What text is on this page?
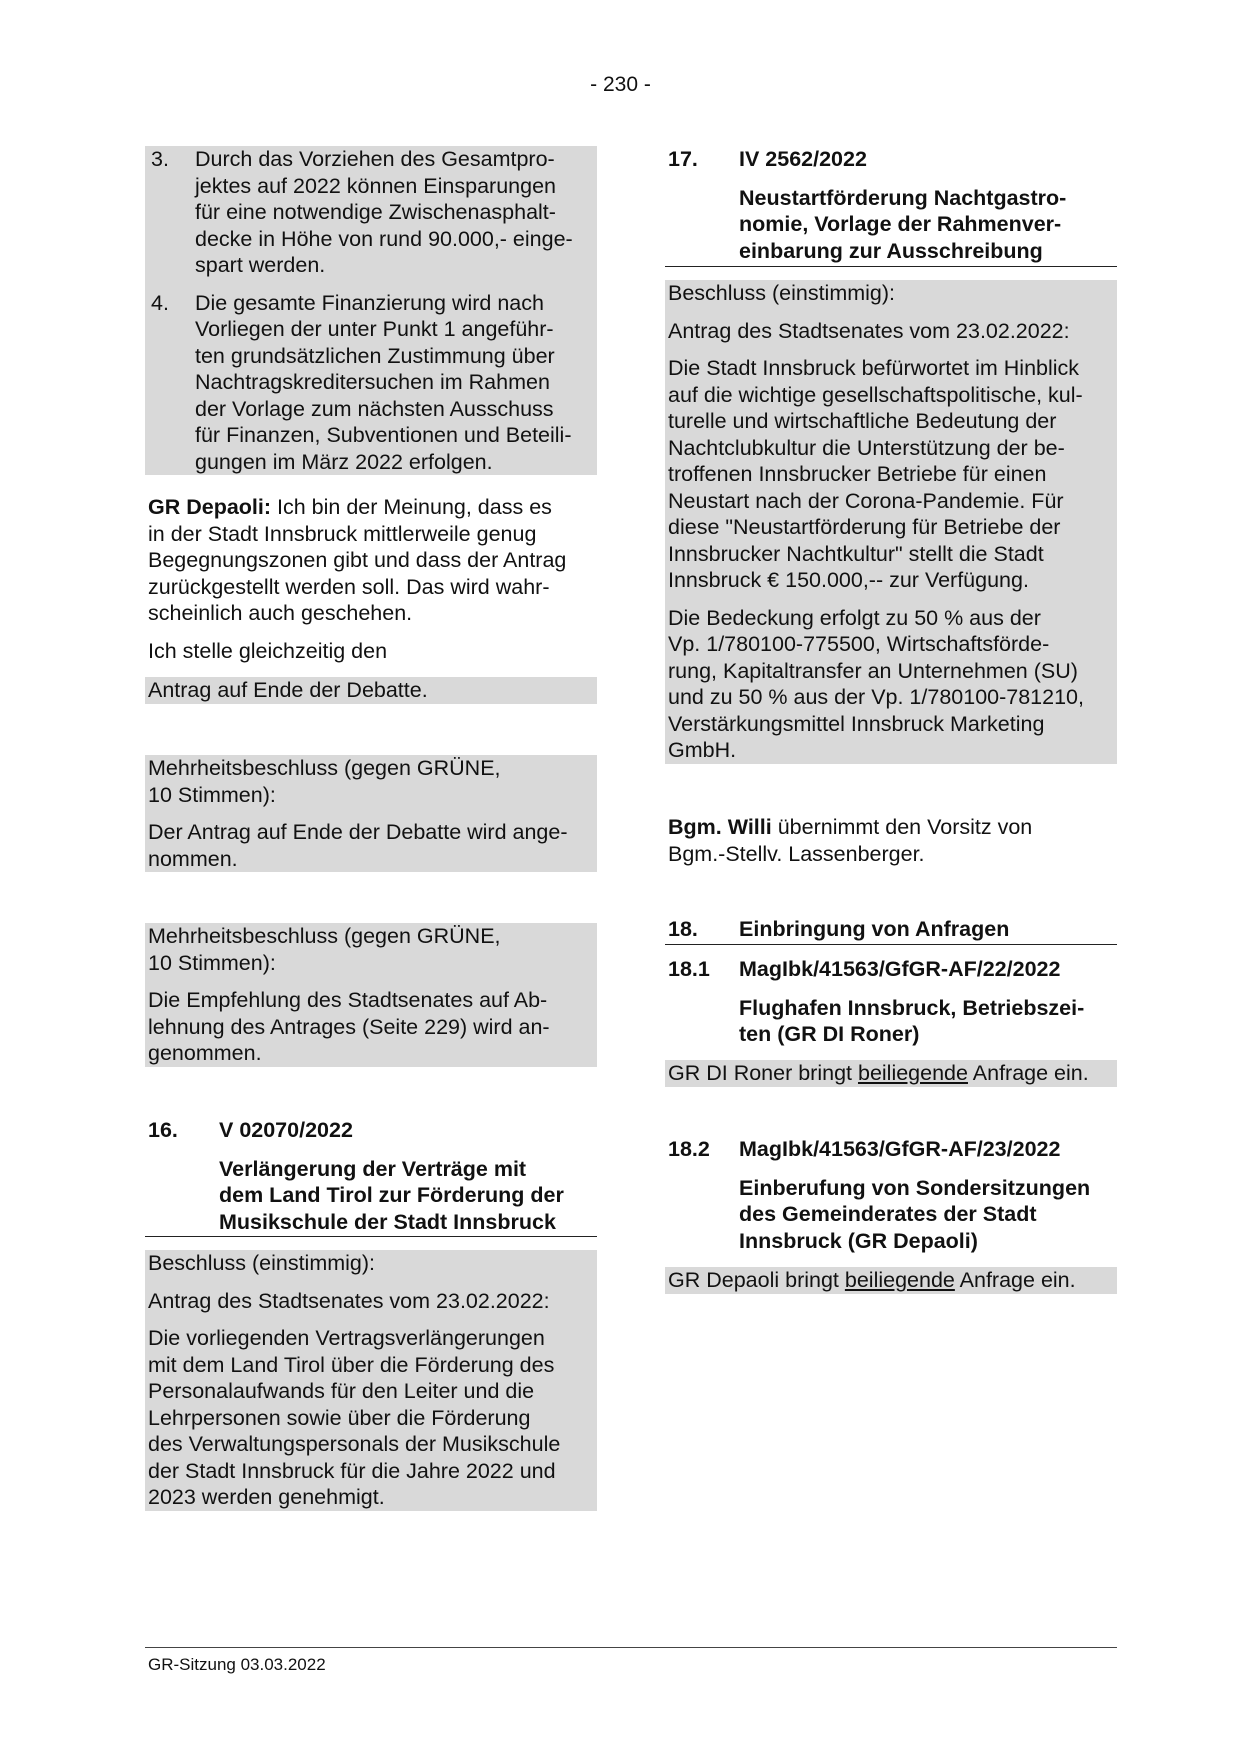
- 230 -
3. Durch das Vorziehen des Gesamtpro-
jektes auf 2022 können Einsparungen
für eine notwendige Zwischenasphalt-
decke in Höhe von rund 90.000,- einge-
spart werden.
4. Die gesamte Finanzierung wird nach
Vorliegen der unter Punkt 1 angeführ-
ten grundsätzlichen Zustimmung über
Nachtragskreditersuchen im Rahmen
der Vorlage zum nächsten Ausschuss
für Finanzen, Subventionen und Beteili-
gungen im März 2022 erfolgen.
GR Depaoli: Ich bin der Meinung, dass es
in der Stadt Innsbruck mittlerweile genug
Begegnungszonen gibt und dass der Antrag
zurückgestellt werden soll. Das wird wahr-
scheinlich auch geschehen.
Ich stelle gleichzeitig den
Antrag auf Ende der Debatte.
Mehrheitsbeschluss (gegen GRÜNE,
10 Stimmen):
Der Antrag auf Ende der Debatte wird ange-
nommen.
Mehrheitsbeschluss (gegen GRÜNE,
10 Stimmen):
Die Empfehlung des Stadtsenates auf Ab-
lehnung des Antrages (Seite 229) wird an-
genommen.
16.	V 02070/2022
Verlängerung der Verträge mit
dem Land Tirol zur Förderung der
Musikschule der Stadt Innsbruck
Beschluss (einstimmig):
Antrag des Stadtsenates vom 23.02.2022:
Die vorliegenden Vertragsverlängerungen
mit dem Land Tirol über die Förderung des
Personalaufwands für den Leiter und die
Lehrpersonen sowie über die Förderung
des Verwaltungspersonals der Musikschule
der Stadt Innsbruck für die Jahre 2022 und
2023 werden genehmigt.
17.	IV 2562/2022
Neustartförderung Nachtgastro-
nomie, Vorlage der Rahmenver-
einbarung zur Ausschreibung
Beschluss (einstimmig):
Antrag des Stadtsenates vom 23.02.2022:
Die Stadt Innsbruck befürwortet im Hinblick
auf die wichtige gesellschaftspolitische, kul-
turelle und wirtschaftliche Bedeutung der
Nachtclubkultur die Unterstützung der be-
troffenen Innsbrucker Betriebe für einen
Neustart nach der Corona-Pandemie. Für
diese "Neustartförderung für Betriebe der
Innsbrucker Nachtkultur" stellt die Stadt
Innsbruck € 150.000,-- zur Verfügung.
Die Bedeckung erfolgt zu 50 % aus der
Vp. 1/780100-775500, Wirtschaftsförde-
rung, Kapitaltransfer an Unternehmen (SU)
und zu 50 % aus der Vp. 1/780100-781210,
Verstärkungsmittel Innsbruck Marketing
GmbH.
Bgm. Willi übernimmt den Vorsitz von
Bgm.-Stellv. Lassenberger.
18.	Einbringung von Anfragen
18.1	MagIbk/41563/GfGR-AF/22/2022
Flughafen Innsbruck, Betriebszei-
ten (GR DI Roner)
GR DI Roner bringt beiliegende Anfrage ein.
18.2	MagIbk/41563/GfGR-AF/23/2022
Einberufung von Sondersitzungen
des Gemeinderates der Stadt
Innsbruck (GR Depaoli)
GR Depaoli bringt beiliegende Anfrage ein.
GR-Sitzung 03.03.2022
